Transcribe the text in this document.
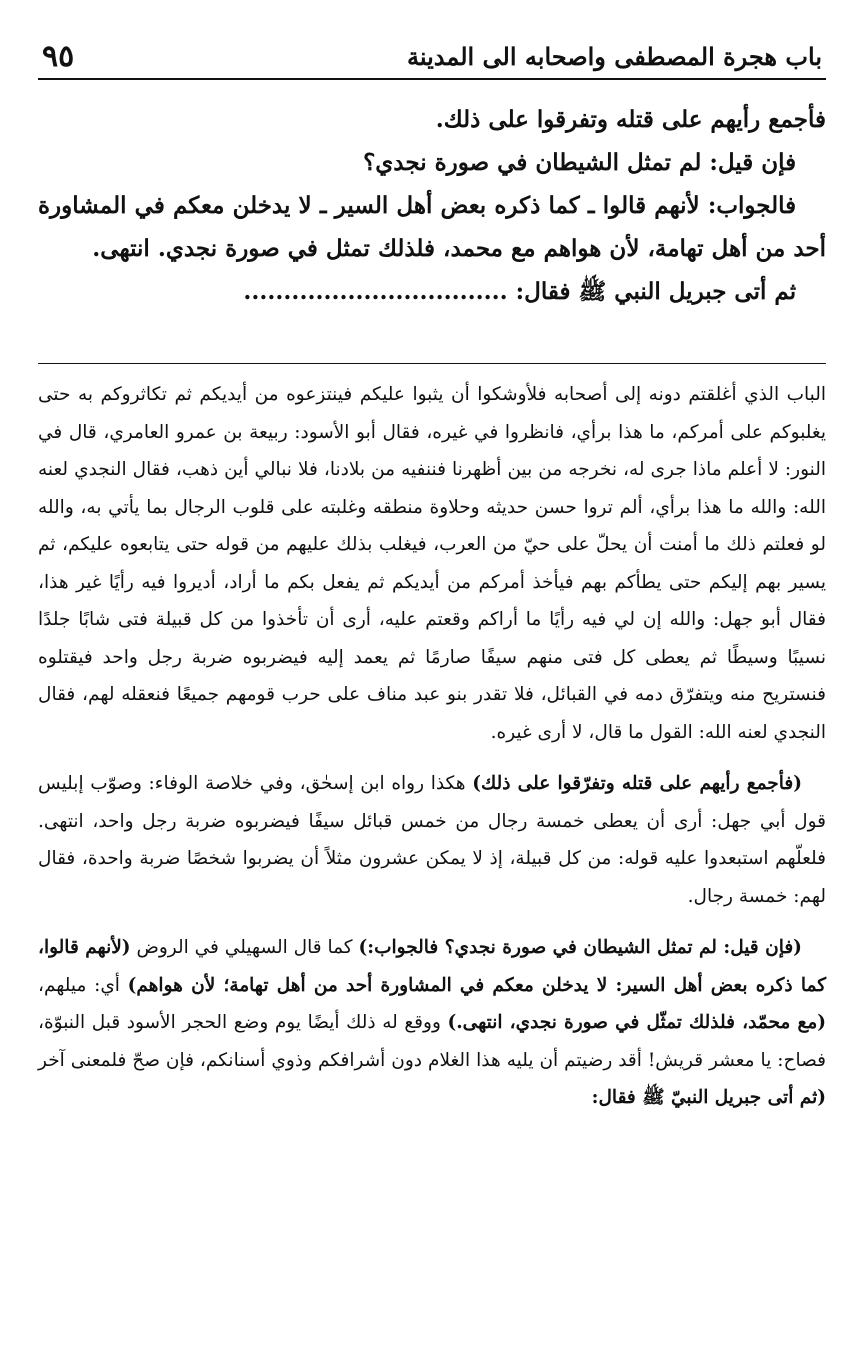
٩٥	باب هجرة المصطفى واصحابه الى المدينة

فأجمع رأيهم على قتله وتفرقوا على ذلك.

فإن قيل: لم تمثل الشيطان في صورة نجدي؟

فالجواب: لأنهم قالوا ـ كما ذكره بعض أهل السير ـ لا يدخلن معكم في المشاورة أحد من أهل تهامة، لأن هواهم مع محمد، فلذلك تمثل في صورة نجدي. انتهى.

ثم أتى جبريل النبي ﷺ فقال: .................................

الباب الذي أغلقتم دونه إلى أصحابه فلأوشكوا أن يثبوا عليكم فينتزعوه من أيديكم ثم تكاثروكم به حتى يغلبوكم على أمركم، ما هذا برأي، فانظروا في غيره، فقال أبو الأسود: ربيعة بن عمرو العامري، قال في النور: لا أعلم ماذا جرى له، نخرجه من بين أظهرنا فننفيه من بلادنا، فلا نبالي أين ذهب، فقال النجدي لعنه الله: والله ما هذا برأي، ألم تروا حسن حديثه وحلاوة منطقه وغلبته على قلوب الرجال بما يأتي به، والله لو فعلتم ذلك ما أمنت أن يحلّ على حيّ من العرب، فيغلب بذلك عليهم من قوله حتى يتابعوه عليكم، ثم يسير بهم إليكم حتى يطأكم بهم فيأخذ أمركم من أيديكم ثم يفعل بكم ما أراد، أديروا فيه رأيًا غير هذا، فقال أبو جهل: والله إن لي فيه رأيًا ما أراكم وقعتم عليه، أرى أن تأخذوا من كل قبيلة فتى شابًا جلدًا نسيبًا وسيطًا ثم يعطى كل فتى منهم سيفًا صارمًا ثم يعمد إليه فيضربوه ضربة رجل واحد فيقتلوه فنستريح منه ويتفرّق دمه في القبائل، فلا تقدر بنو عبد مناف على حرب قومهم جميعًا فنعقله لهم، فقال النجدي لعنه الله: القول ما قال، لا أرى غيره.

(فأجمع رأيهم على قتله وتفرّقوا على ذلك) هكذا رواه ابن إسحٰق، وفي خلاصة الوفاء: وصوّب إبليس قول أبي جهل: أرى أن يعطى خمسة رجال من خمس قبائل سيفًا فيضربوه ضربة رجل واحد، انتهى. فلعلّهم استبعدوا عليه قوله: من كل قبيلة، إذ لا يمكن عشرون مثلاً أن يضربوا شخصًا ضربة واحدة، فقال لهم: خمسة رجال.

(فإن قيل: لم تمثل الشيطان في صورة نجدي؟ فالجواب:) كما قال السهيلي في الروض (لأنهم قالوا، كما ذكره بعض أهل السير: لا يدخلن معكم في المشاورة أحد من أهل تهامة؛ لأن هواهم) أي: ميلهم، (مع محمّد، فلذلك تمثّل في صورة نجدي، انتهى.) ووقع له ذلك أيضًا يوم وضع الحجر الأسود قبل النبوّة، فصاح: يا معشر قريش! أقد رضيتم أن يليه هذا الغلام دون أشرافكم وذوي أسنانكم، فإن صحّ فلمعنى آخر (ثم أتى جبريل النبيّ ﷺ فقال:
